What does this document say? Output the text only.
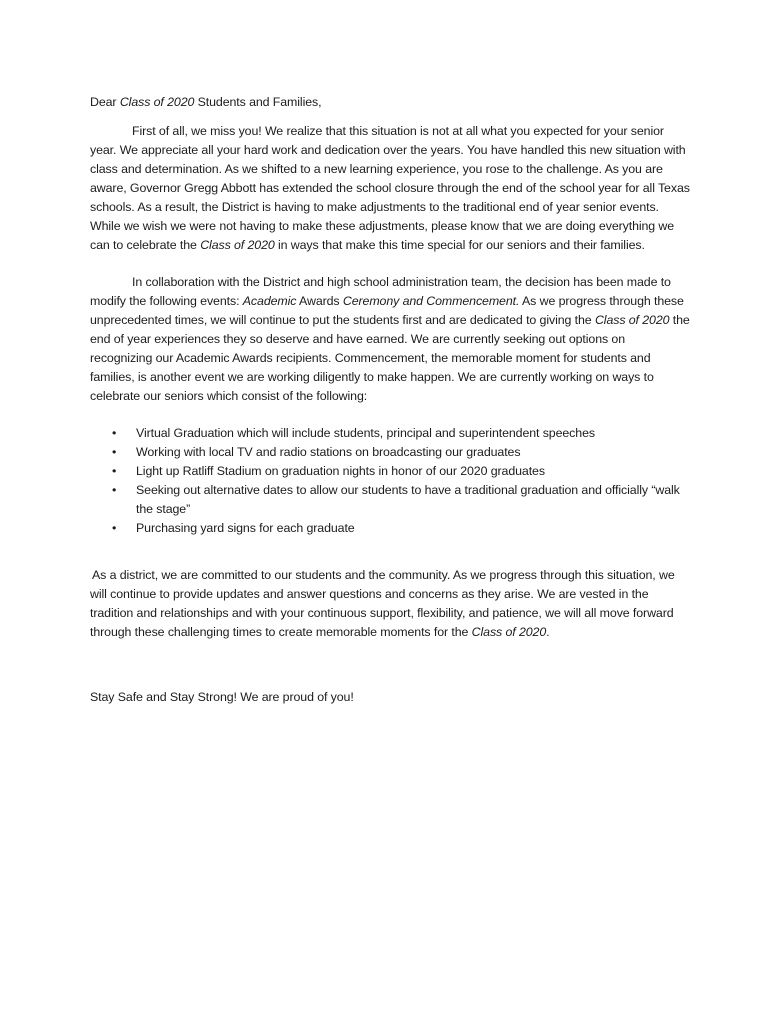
Dear Class of 2020 Students and Families,

First of all, we miss you! We realize that this situation is not at all what you expected for your senior year. We appreciate all your hard work and dedication over the years. You have handled this new situation with class and determination. As we shifted to a new learning experience, you rose to the challenge. As you are aware, Governor Gregg Abbott has extended the school closure through the end of the school year for all Texas schools. As a result, the District is having to make adjustments to the traditional end of year senior events. While we wish we were not having to make these adjustments, please know that we are doing everything we can to celebrate the Class of 2020 in ways that make this time special for our seniors and their families.

In collaboration with the District and high school administration team, the decision has been made to modify the following events: Academic Awards Ceremony and Commencement. As we progress through these unprecedented times, we will continue to put the students first and are dedicated to giving the Class of 2020 the end of year experiences they so deserve and have earned. We are currently seeking out options on recognizing our Academic Awards recipients. Commencement, the memorable moment for students and families, is another event we are working diligently to make happen. We are currently working on ways to celebrate our seniors which consist of the following:

• Virtual Graduation which will include students, principal and superintendent speeches
• Working with local TV and radio stations on broadcasting our graduates
• Light up Ratliff Stadium on graduation nights in honor of our 2020 graduates
• Seeking out alternative dates to allow our students to have a traditional graduation and officially “walk the stage”
• Purchasing yard signs for each graduate

As a district, we are committed to our students and the community. As we progress through this situation, we will continue to provide updates and answer questions and concerns as they arise. We are vested in the tradition and relationships and with your continuous support, flexibility, and patience, we will all move forward through these challenging times to create memorable moments for the Class of 2020.

Stay Safe and Stay Strong! We are proud of you!
